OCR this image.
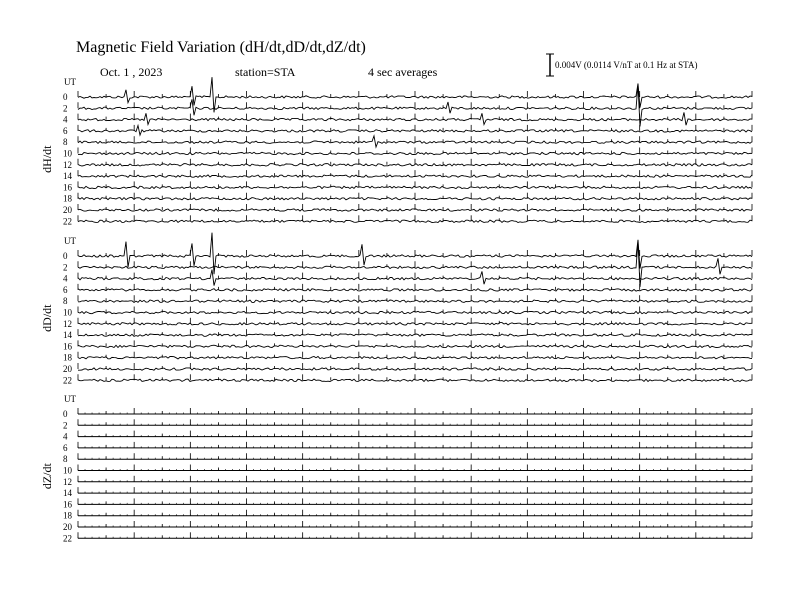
Magnetic Field Variation (dH/dt,dD/dt,dZ/dt)
Oct. 1 , 2023	station=STA	4 sec averages	0.004V (0.0114 V/nT at 0.1 Hz at STA)
UT
dH/dt
0
2
4
6
8
10
12
14
16
18
20
22
UT
dD/dt
0
2
4
6
8
10
12
14
16
18
20
22
UT
dZ/dt
0
2
4
6
8
10
12
14
16
18
20
22
